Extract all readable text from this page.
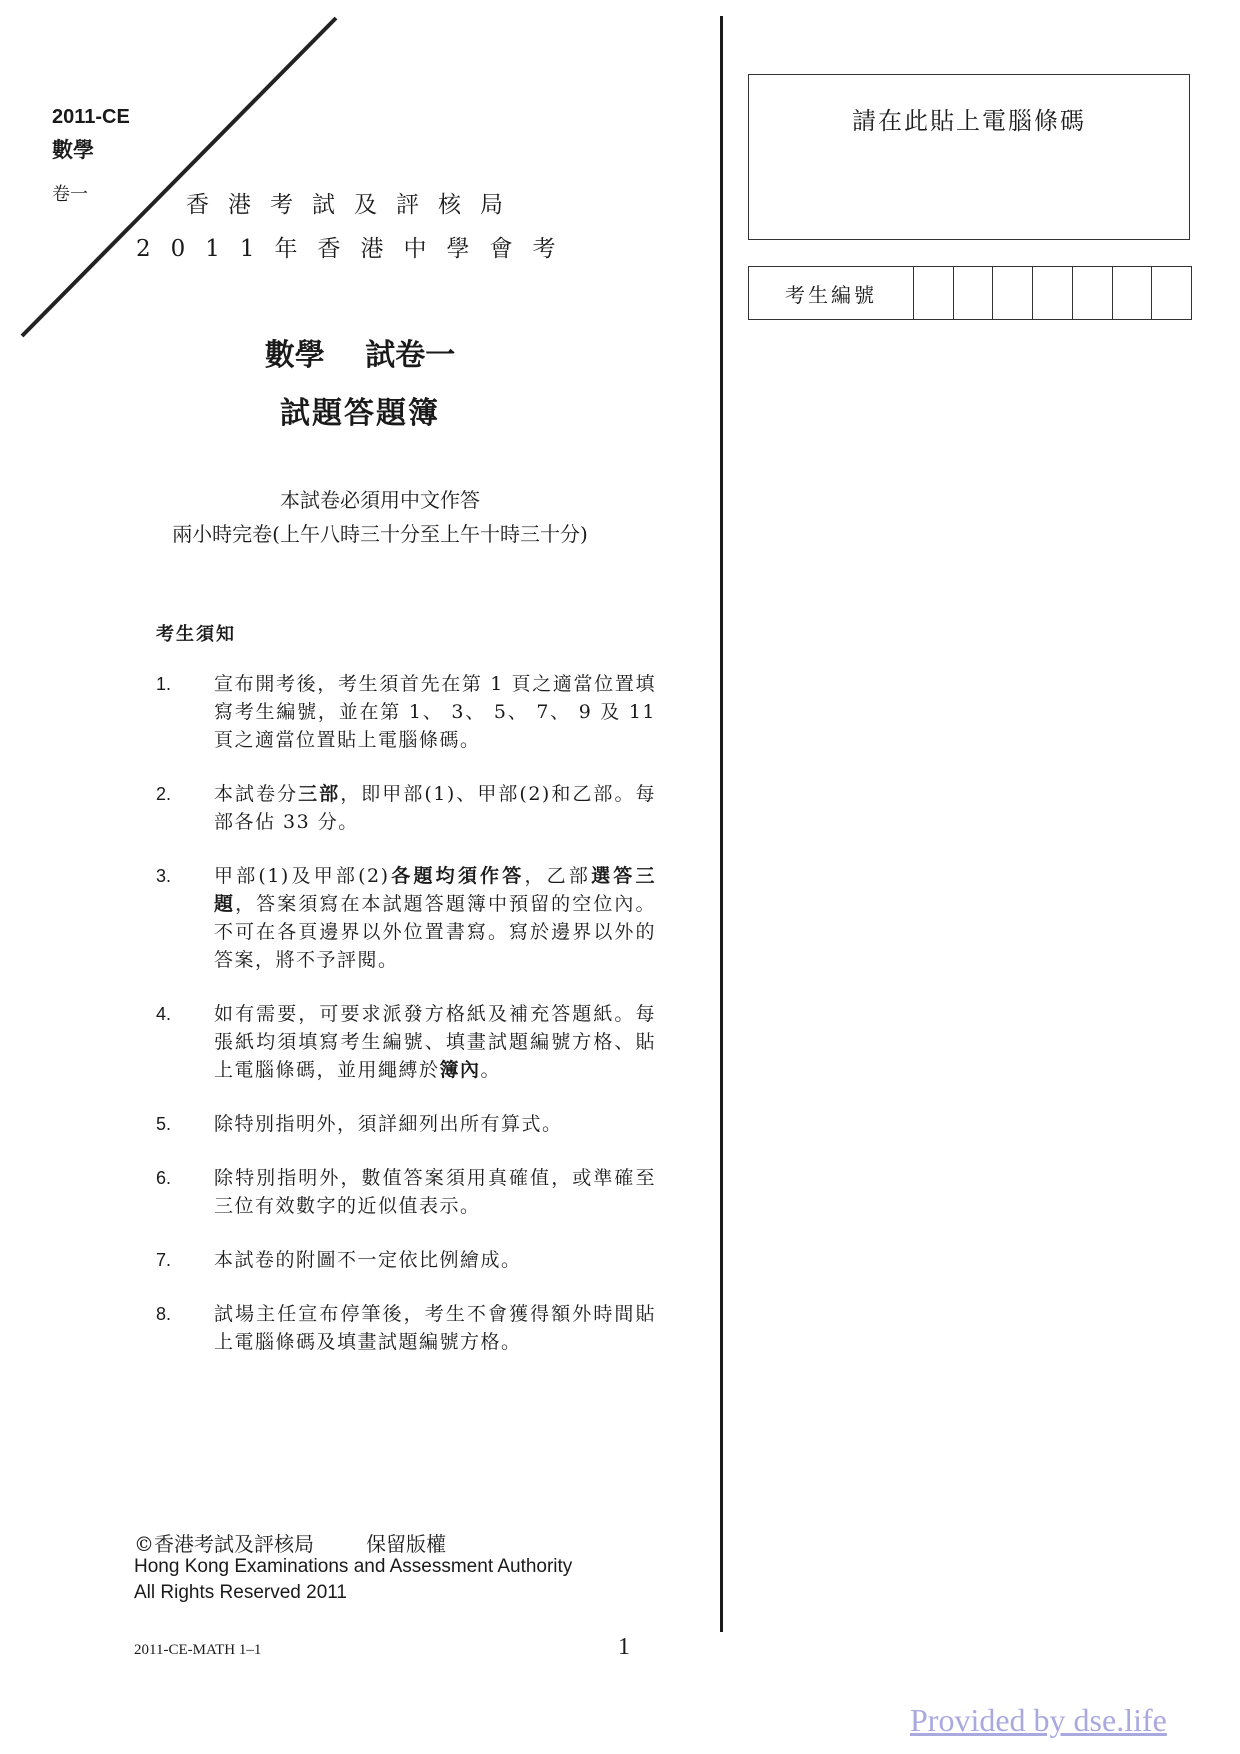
2011-CE
數學
卷一	香港考試及評核局
2011年香港中學會考
數學 試卷一
試題答題簿
本試卷必須用中文作答
兩小時完卷(上午八時三十分至上午十時三十分)
考生須知
1.	宣布開考後，考生須首先在第 1 頁之適當位置填寫考生編號，並在第 1、 3、 5、 7、 9 及 11 頁之適當位置貼上電腦條碼。
2.	本試卷分三部，即甲部(1)、甲部(2)和乙部。每部各佔 33 分。
3.	甲部(1)及甲部(2)各題均須作答，乙部選答三題，答案須寫在本試題答題簿中預留的空位內。不可在各頁邊界以外位置書寫。寫於邊界以外的答案，將不予評閱。
4.	如有需要，可要求派發方格紙及補充答題紙。每張紙均須填寫考生編號、填畫試題編號方格、貼上電腦條碼，並用繩縛於簿內。
5.	除特別指明外，須詳細列出所有算式。
6.	除特別指明外，數值答案須用真確值，或準確至三位有效數字的近似值表示。
7.	本試卷的附圖不一定依比例繪成。
8.	試場主任宣布停筆後，考生不會獲得額外時間貼上電腦條碼及填畫試題編號方格。
©香港考試及評核局	保留版權
Hong Kong Examinations and Assessment Authority
All Rights Reserved 2011
2011-CE-MATH 1–1	1
請在此貼上電腦條碼
考生編號
Provided by dse.life
